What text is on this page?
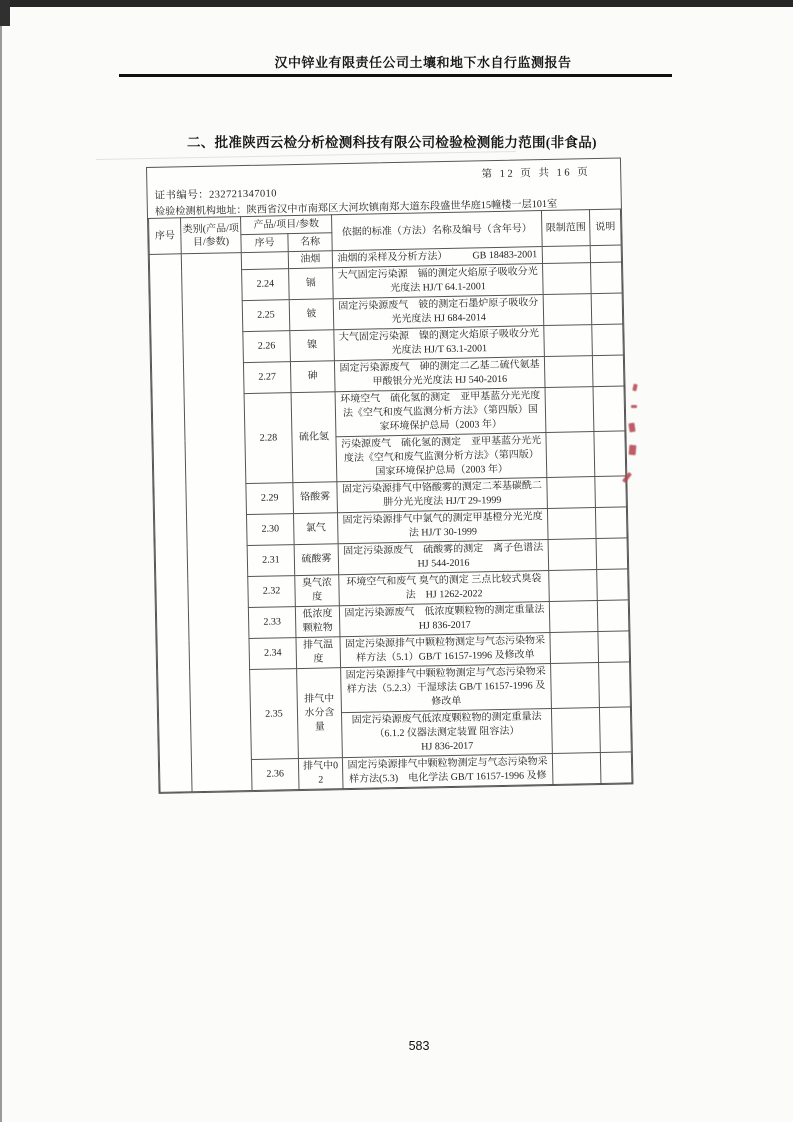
汉中锌业有限责任公司土壤和地下水自行监测报告
二、批准陕西云检分析检测科技有限公司检验检测能力范围(非食品)
第 12 页 共 16 页
证书编号：232721347010
检验检测机构地址：陕西省汉中市南郑区大河坎镇南郑大道东段盛世华庭15幢楼一层101室
序号	类别(产品/项目/参数)	产品/项目/参数		依据的标准（方法）名称及编号（含年号）	限制范围	说明
		序号	名称			
			油烟	油烟的采样及分析方法）　　　GB 18483-2001		
		2.24	镉	大气固定污染源　镉的测定火焰原子吸收分光光度法 HJ/T 64.1-2001		
		2.25	铍	固定污染源废气　铍的测定石墨炉原子吸收分光光度法 HJ 684-2014		
		2.26	镍	大气固定污染源　镍的测定火焰原子吸收分光光度法 HJ/T 63.1-2001		
		2.27	砷	固定污染源废气　砷的测定二乙基二硫代氨基甲酸银分光光度法 HJ 540-2016		
		2.28	硫化氢	环境空气　硫化氢的测定　亚甲基蓝分光光度法《空气和废气监测分析方法》（第四版）国家环境保护总局（2003 年）		
				污染源废气　硫化氢的测定　亚甲基蓝分光光度法《空气和废气监测分析方法》（第四版）国家环境保护总局（2003 年）		
		2.29	铬酸雾	固定污染源排气中铬酸雾的测定二苯基碳酰二肼分光光度法 HJ/T 29-1999		
		2.30	氯气	固定污染源排气中氯气的测定甲基橙分光光度法 HJ/T 30-1999		
		2.31	硫酸雾	固定污染源废气　硫酸雾的测定　离子色谱法
HJ 544-2016		
		2.32	臭气浓度	环境空气和废气 臭气的测定 三点比较式臭袋法　HJ 1262-2022		
		2.33	低浓度颗粒物	固定污染源废气　低浓度颗粒物的测定重量法
HJ 836-2017		
		2.34	排气温度	固定污染源排气中颗粒物测定与气态污染物采样方法（5.1）GB/T 16157-1996 及修改单		
		2.35	排气中水分含量	固定污染源排气中颗粒物测定与气态污染物采样方法（5.2.3）干湿球法 GB/T 16157-1996 及修改单		
				固定污染源废气低浓度颗粒物的测定重量法
（6.1.2 仪器法测定装置 阻容法）
HJ 836-2017		
		2.36	排气中02	固定污染源排气中颗粒物测定与气态污染物采样方法(5.3)　电化学法 GB/T 16157-1996 及修		
583
